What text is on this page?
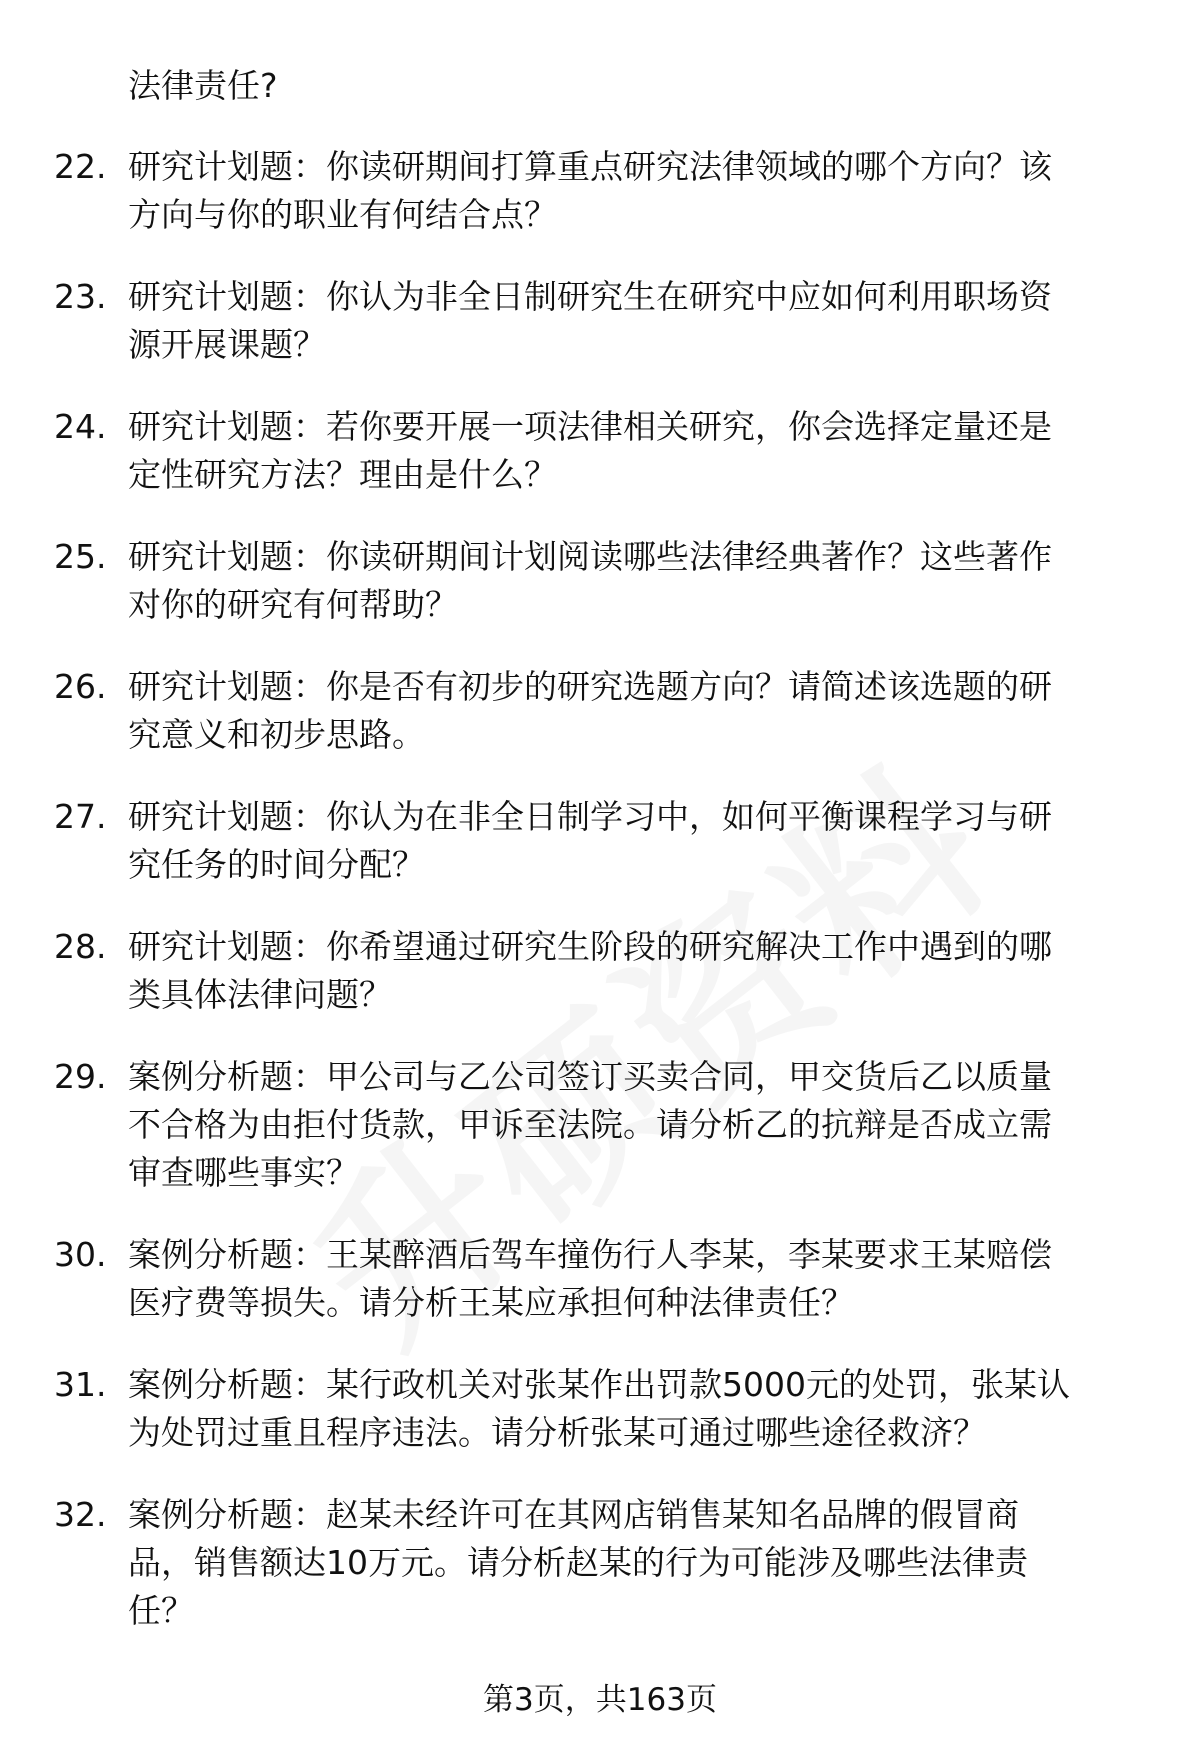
法律责任?
22. 研究计划题：你读研期间打算重点研究法律领域的哪个方向？该
方向与你的职业有何结合点？
23. 研究计划题：你认为非全日制研究生在研究中应如何利用职场资
源开展课题？
24. 研究计划题：若你要开展一项法律相关研究，你会选择定量还是
定性研究方法？理由是什么？
25. 研究计划题：你读研期间计划阅读哪些法律经典著作？这些著作
对你的研究有何帮助？
26. 研究计划题：你是否有初步的研究选题方向？请简述该选题的研
究意义和初步思路。
27. 研究计划题：你认为在非全日制学习中，如何平衡课程学习与研
究任务的时间分配？
28. 研究计划题：你希望通过研究生阶段的研究解决工作中遇到的哪
类具体法律问题？
29. 案例分析题：甲公司与乙公司签订买卖合同，甲交货后乙以质量
不合格为由拒付货款，甲诉至法院。请分析乙的抗辩是否成立需
审查哪些事实？
30. 案例分析题：王某醉酒后驾车撞伤行人李某，李某要求王某赔偿
医疗费等损失。请分析王某应承担何种法律责任？
31. 案例分析题：某行政机关对张某作出罚款5000元的处罚，张某认
为处罚过重且程序违法。请分析张某可通过哪些途径救济？
32. 案例分析题：赵某未经许可在其网店销售某知名品牌的假冒商
品，销售额达10万元。请分析赵某的行为可能涉及哪些法律责
任？
第3页，共163页
